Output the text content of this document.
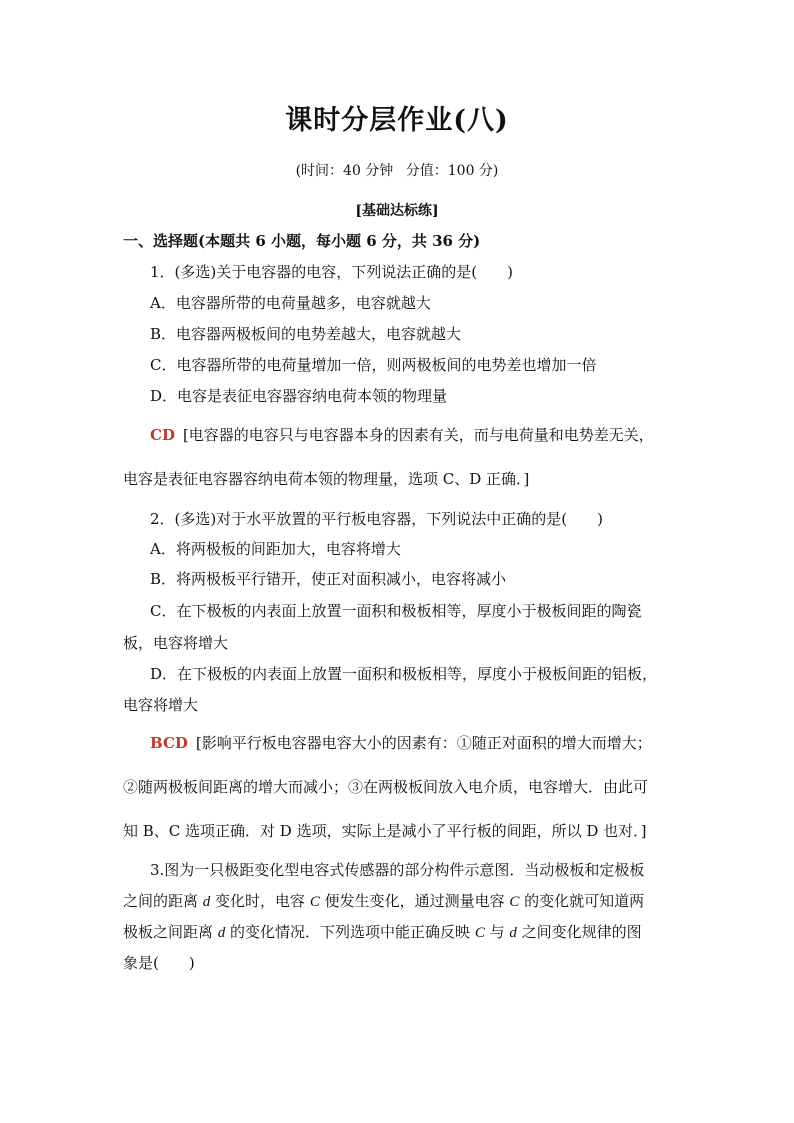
课时分层作业(八)
(时间：40 分钟 分值：100 分)
[基础达标练]
一、选择题(本题共 6 小题，每小题 6 分，共 36 分)
1．(多选)关于电容器的电容，下列说法正确的是(　　)
A．电容器所带的电荷量越多，电容就越大
B．电容器两极板间的电势差越大，电容就越大
C．电容器所带的电荷量增加一倍，则两极板间的电势差也增加一倍
D．电容是表征电容器容纳电荷本领的物理量
CD [电容器的电容只与电容器本身的因素有关，而与电荷量和电势差无关，
电容是表征电容器容纳电荷本领的物理量，选项 C、D 正确．]
2．(多选)对于水平放置的平行板电容器，下列说法中正确的是(　　)
A．将两极板的间距加大，电容将增大
B．将两极板平行错开，使正对面积减小，电容将减小
C．在下极板的内表面上放置一面积和极板相等，厚度小于极板间距的陶瓷
板，电容将增大
D．在下极板的内表面上放置一面积和极板相等，厚度小于极板间距的铝板，
电容将增大
BCD [影响平行板电容器电容大小的因素有：①随正对面积的增大而增大；
②随两极板间距离的增大而减小；③在两极板间放入电介质，电容增大．由此可
知 B、C 选项正确．对 D 选项，实际上是减小了平行板的间距，所以 D 也对．]
3.图为一只极距变化型电容式传感器的部分构件示意图．当动极板和定极板
之间的距离 d 变化时，电容 C 便发生变化，通过测量电容 C 的变化就可知道两
极板之间距离 d 的变化情况．下列选项中能正确反映 C 与 d 之间变化规律的图
象是(　　)
